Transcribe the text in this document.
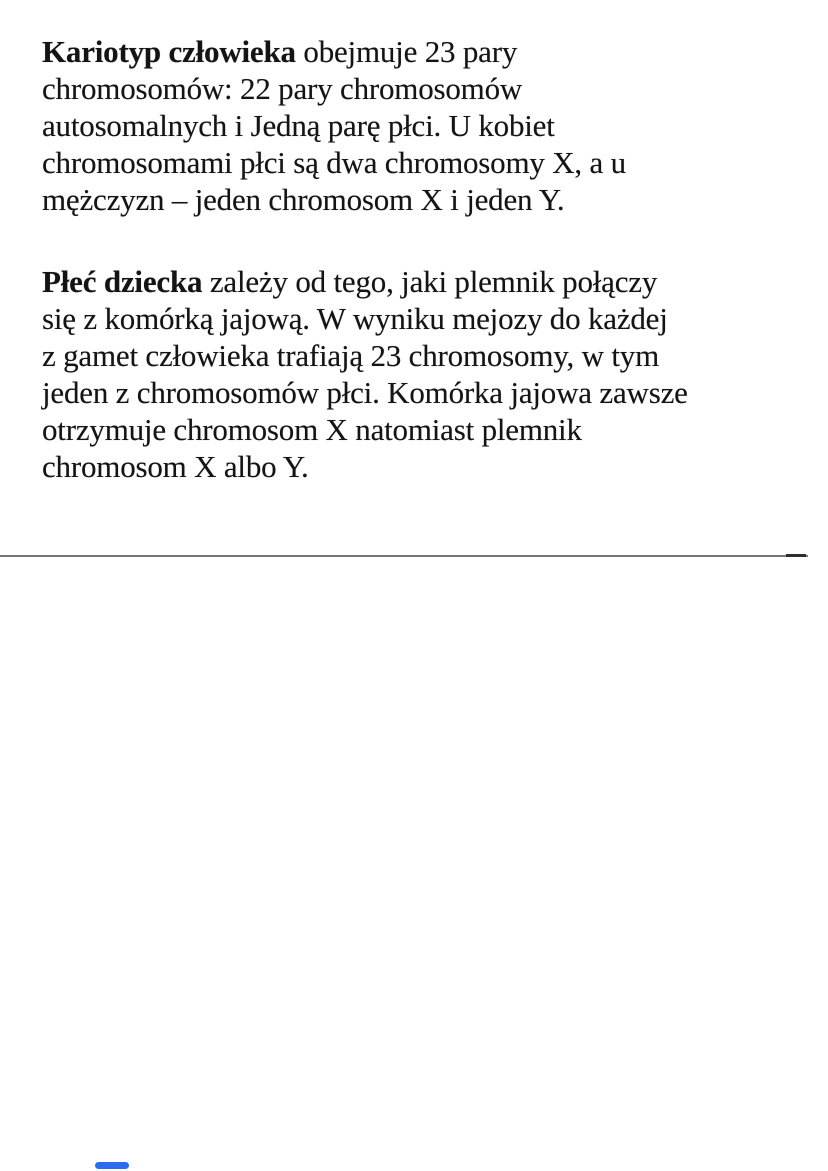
Kariotyp człowieka obejmuje 23 pary
chromosomów: 22 pary chromosomów
autosomalnych i Jedną parę płci. U kobiet
chromosomami płci są dwa chromosomy X, a u
mężczyzn – jeden chromosom X i jeden Y.
Płeć dziecka zależy od tego, jaki plemnik połączy
się z komórką jajową. W wyniku mejozy do każdej
z gamet człowieka trafiają 23 chromosomy, w tym
jeden z chromosomów płci. Komórka jajowa zawsze
otrzymuje chromosom X natomiast plemnik
chromosom X albo Y.
